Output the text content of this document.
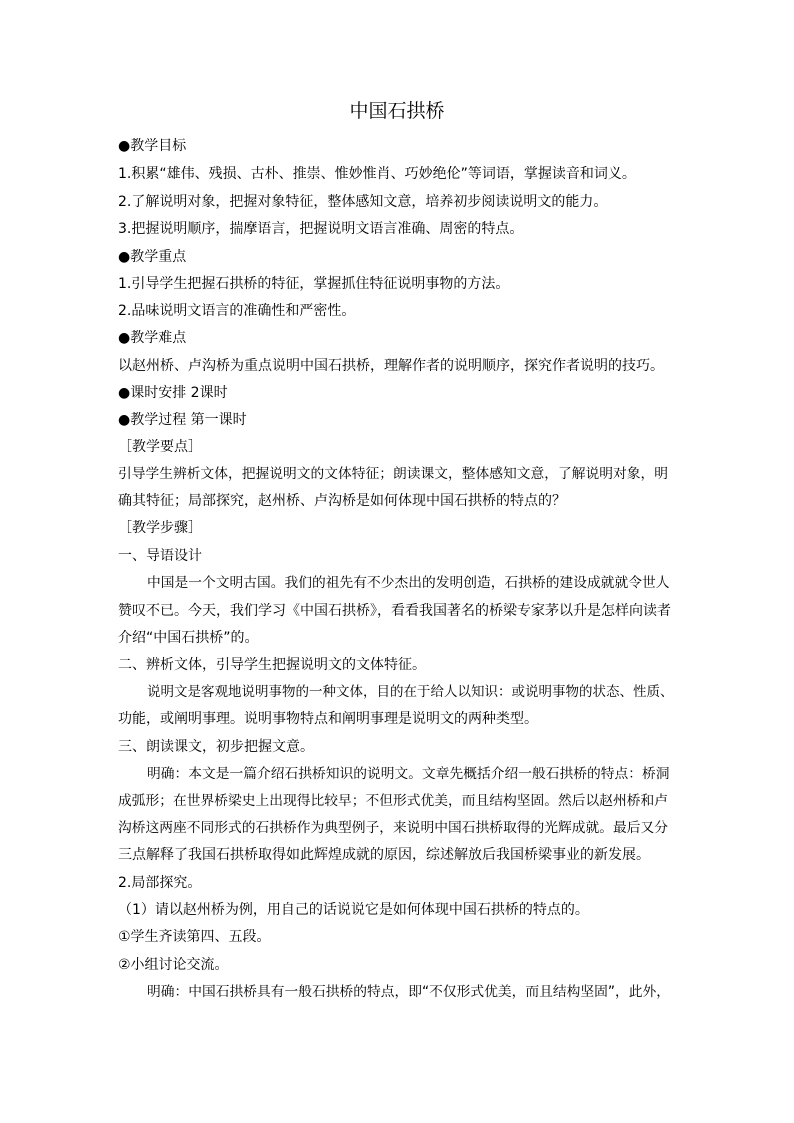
中国石拱桥
●教学目标
1.积累“雄伟、残损、古朴、推崇、惟妙惟肖、巧妙绝伦”等词语，掌握读音和词义。
2.了解说明对象，把握对象特征，整体感知文意，培养初步阅读说明文的能力。
3.把握说明顺序，揣摩语言，把握说明文语言准确、周密的特点。
●教学重点
1.引导学生把握石拱桥的特征，掌握抓住特征说明事物的方法。
2.品味说明文语言的准确性和严密性。
●教学难点
以赵州桥、卢沟桥为重点说明中国石拱桥，理解作者的说明顺序，探究作者说明的技巧。
●课时安排 2课时
●教学过程 第一课时
［教学要点］
引导学生辨析文体，把握说明文的文体特征；朗读课文，整体感知文意，了解说明对象，明
确其特征；局部探究，赵州桥、卢沟桥是如何体现中国石拱桥的特点的？
［教学步骤］
一、导语设计
中国是一个文明古国。我们的祖先有不少杰出的发明创造，石拱桥的建设成就就令世人
赞叹不已。今天，我们学习《中国石拱桥》，看看我国著名的桥梁专家茅以升是怎样向读者
介绍“中国石拱桥”的。
二、辨析文体，引导学生把握说明文的文体特征。
说明文是客观地说明事物的一种文体，目的在于给人以知识：或说明事物的状态、性质、
功能，或阐明事理。说明事物特点和阐明事理是说明文的两种类型。
三、朗读课文，初步把握文意。
明确：本文是一篇介绍石拱桥知识的说明文。文章先概括介绍一般石拱桥的特点：桥洞
成弧形；在世界桥梁史上出现得比较早；不但形式优美，而且结构坚固。然后以赵州桥和卢
沟桥这两座不同形式的石拱桥作为典型例子，来说明中国石拱桥取得的光辉成就。最后又分
三点解释了我国石拱桥取得如此辉煌成就的原因，综述解放后我国桥梁事业的新发展。
2.局部探究。
（1）请以赵州桥为例，用自己的话说说它是如何体现中国石拱桥的特点的。
①学生齐读第四、五段。
②小组讨论交流。
明确：中国石拱桥具有一般石拱桥的特点，即“不仅形式优美，而且结构坚固”，此外，
